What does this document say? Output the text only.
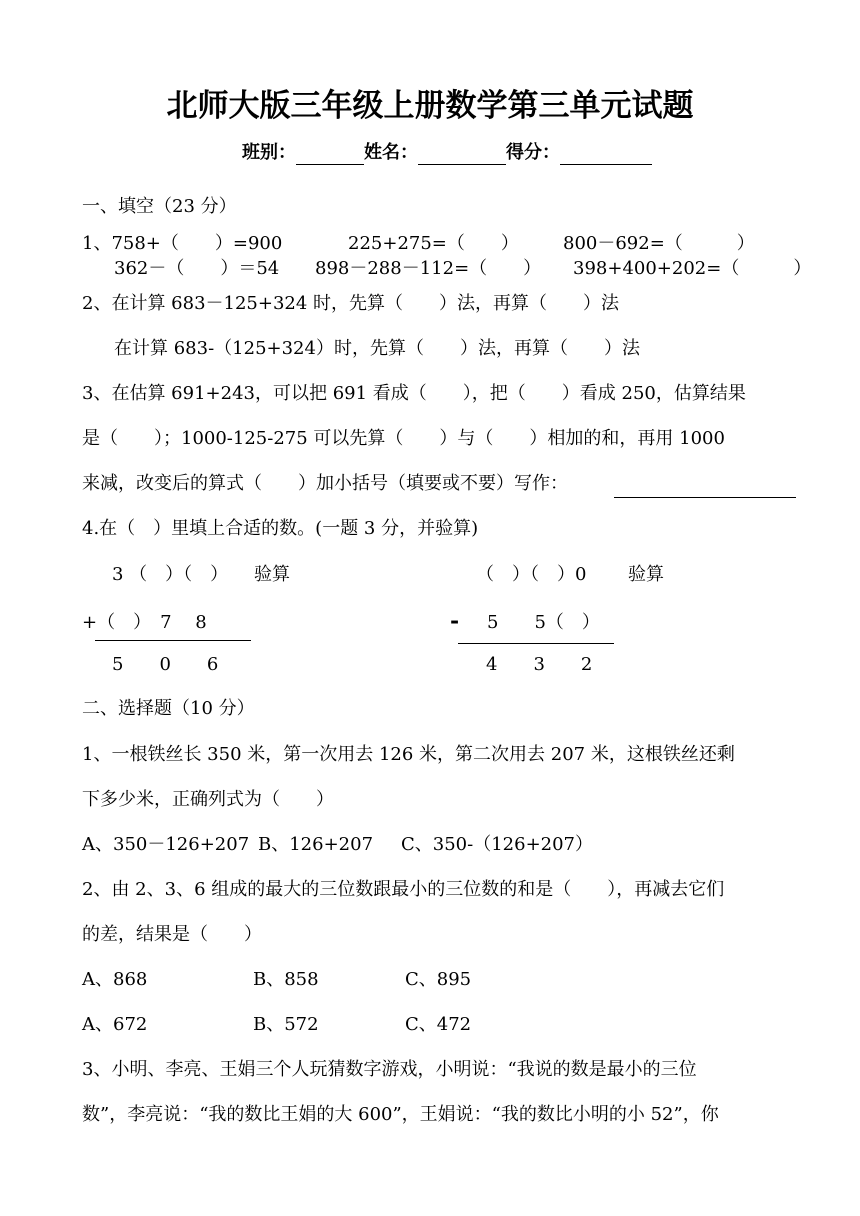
北师大版三年级上册数学第三单元试题
班别：	姓名：	得分：
一、填空（23 分）
1、758+（　　）=900	225+275=（　　） 800－692=（　　　）
362－（　　）＝54 898－288－112=（　　） 398+400+202=（　　　）
2、在计算 683－125+324 时，先算（　　）法，再算（　　）法
在计算 683-（125+324）时，先算（　　）法，再算（　　）法
3、在估算 691+243，可以把 691 看成（　　），把（　　）看成 250，估算结果
是（　　）；1000-125-275 可以先算（　　）与（　　）相加的和，再用 1000
来减，改变后的算式（　　）加小括号（填要或不要）写作：
4.在（　）里填上合适的数。(一题 3 分，并验算)
3 （　）（　） 验算
+（　）　7　 8
5　　0　　6
（　）（　）0 验算
- 5　　5（　）
4　　3　　2
二、选择题（10 分）
1、一根铁丝长 350 米，第一次用去 126 米，第二次用去 207 米，这根铁丝还剩
下多少米，正确列式为（　　）
A、350－126+207 B、126+207 C、350-（126+207）
2、由 2、3、6 组成的最大的三位数跟最小的三位数的和是（　　），再减去它们
的差，结果是（　　）
A、868	B、858	C、895
A、672	B、572	C、472
3、小明、李亮、王娟三个人玩猜数字游戏，小明说：“我说的数是最小的三位
数”，李亮说：“我的数比王娟的大 600”，王娟说：“我的数比小明的小 52”，你
